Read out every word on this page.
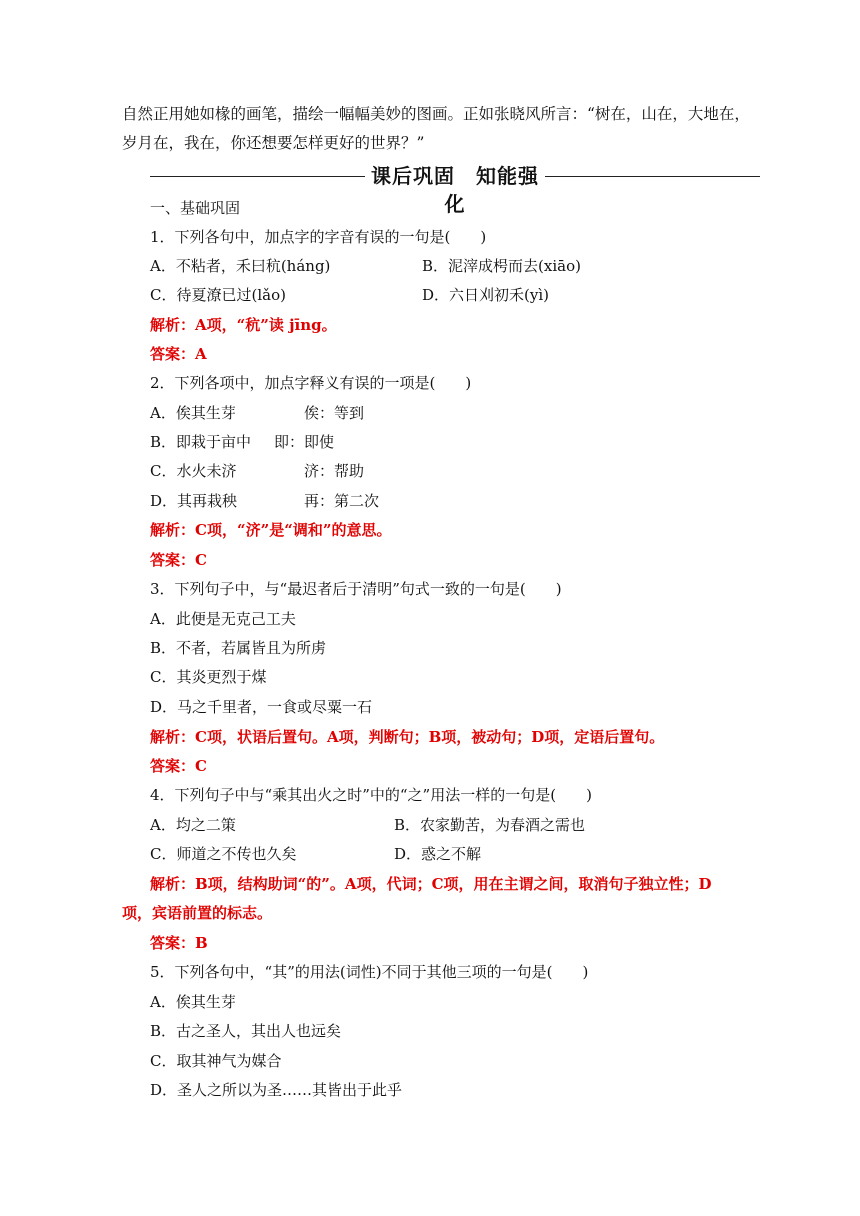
自然正用她如椽的画笔，描绘一幅幅美妙的图画。正如张晓风所言：“树在，山在，大地在，
岁月在，我在，你还想要怎样更好的世界？”
课后巩固　知能强化
一、基础巩固
1．下列各句中，加点字的字音有误的一句是(　　)
A．不粘者，禾曰秔(háng)	B．泥滓成枵而去(xiāo)
C．待夏潦已过(lǎo)	D．六日刈初禾(yì)
解析：A项，“秔”读 jīng。
答案：A
2．下列各项中，加点字释义有误的一项是(　　)
A．俟其生芽	俟：等到
B．即栽于亩中 即：即使
C．水火未济	济：帮助
D．其再栽秧	再：第二次
解析：C项，“济”是“调和”的意思。
答案：C
3．下列句子中，与“最迟者后于清明”句式一致的一句是(　　)
A．此便是无克己工夫
B．不者，若属皆且为所虏
C．其炎更烈于煤
D．马之千里者，一食或尽粟一石
解析：C项，状语后置句。A项，判断句；B项，被动句；D项，定语后置句。
答案：C
4．下列句子中与“乘其出火之时”中的“之”用法一样的一句是(　　)
A．均之二策	B．农家勤苦，为春酒之需也
C．师道之不传也久矣	D．惑之不解
解析：B项，结构助词“的”。A项，代词；C项，用在主谓之间，取消句子独立性；D
项，宾语前置的标志。
答案：B
5．下列各句中，“其”的用法(词性)不同于其他三项的一句是(　　)
A．俟其生芽
B．古之圣人，其出人也远矣
C．取其神气为媒合
D．圣人之所以为圣……其皆出于此乎
